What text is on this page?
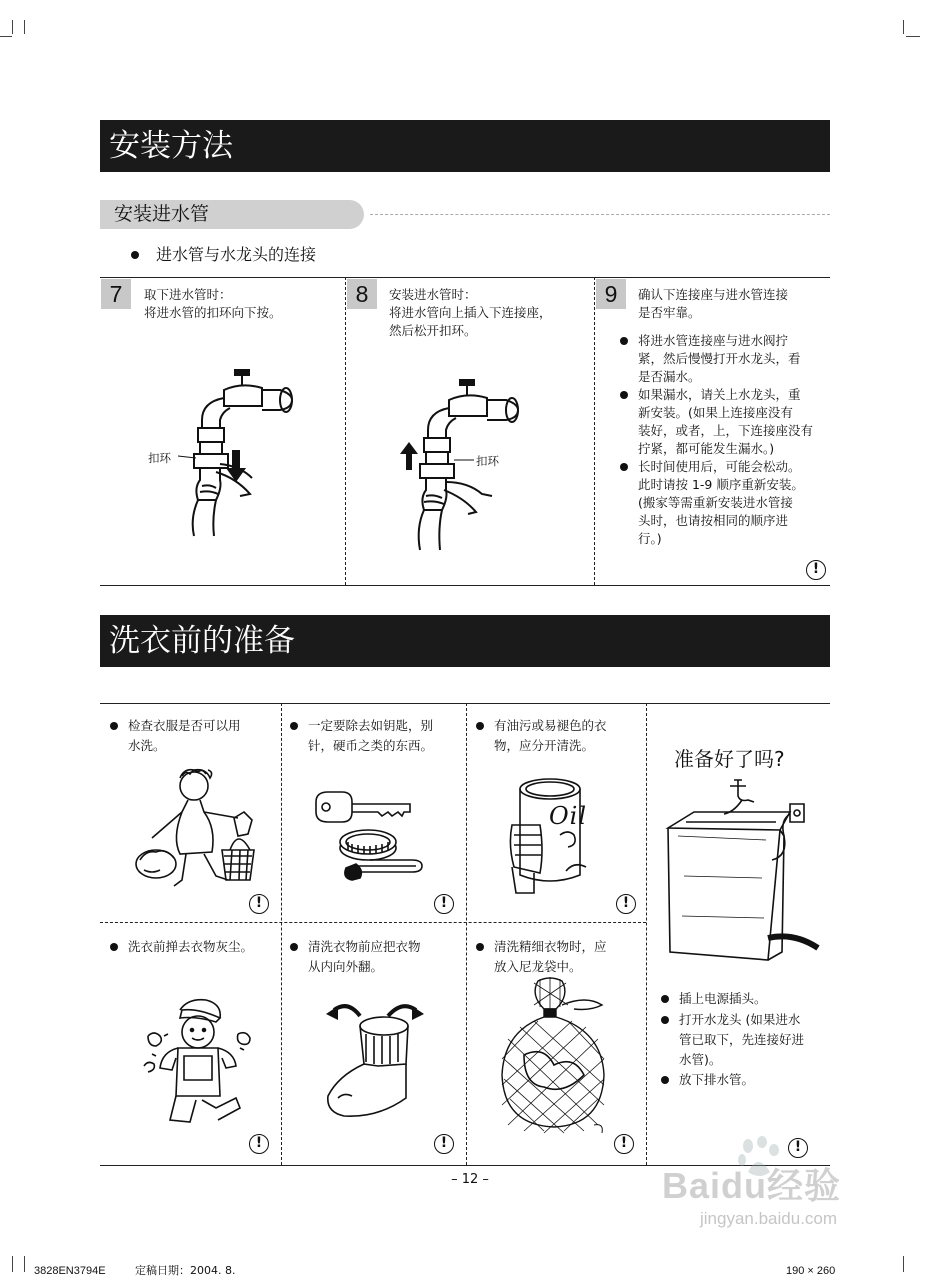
安装方法
安装进水管
进水管与水龙头的连接
7	取下进水管时：
将进水管的扣环向下按。
扣环
8	安装进水管时：
将进水管向上插入下连接座，
然后松开扣环。
扣环
9	确认下连接座与进水管连接
是否牢靠。
将进水管连接座与进水阀拧
紧，然后慢慢打开水龙头，看
是否漏水。
如果漏水，请关上水龙头，重
新安装。(如果上连接座没有
装好，或者，上，下连接座没有
拧紧，都可能发生漏水。)
长时间使用后，可能会松动。
此时请按 1-9 顺序重新安装。
(搬家等需重新安装进水管接
头时，也请按相同的顺序进
行。)
!
洗衣前的准备
检查衣服是否可以用
水洗。
!
一定要除去如钥匙，别
针，硬币之类的东西。
!
有油污或易褪色的衣
物，应分开清洗。
Oil
!
洗衣前掸去衣物灰尘。
!
清洗衣物前应把衣物
从内向外翻。
!
清洗精细衣物时，应
放入尼龙袋中。
!
准备好了吗?
插上电源插头。
打开水龙头 (如果进水
管已取下，先连接好进
水管)。
放下排水管。
!
– 12 –	Baidu经验
jingyan.baidu.com
3828EN3794E	定稿日期：2004. 8.	190 × 260
